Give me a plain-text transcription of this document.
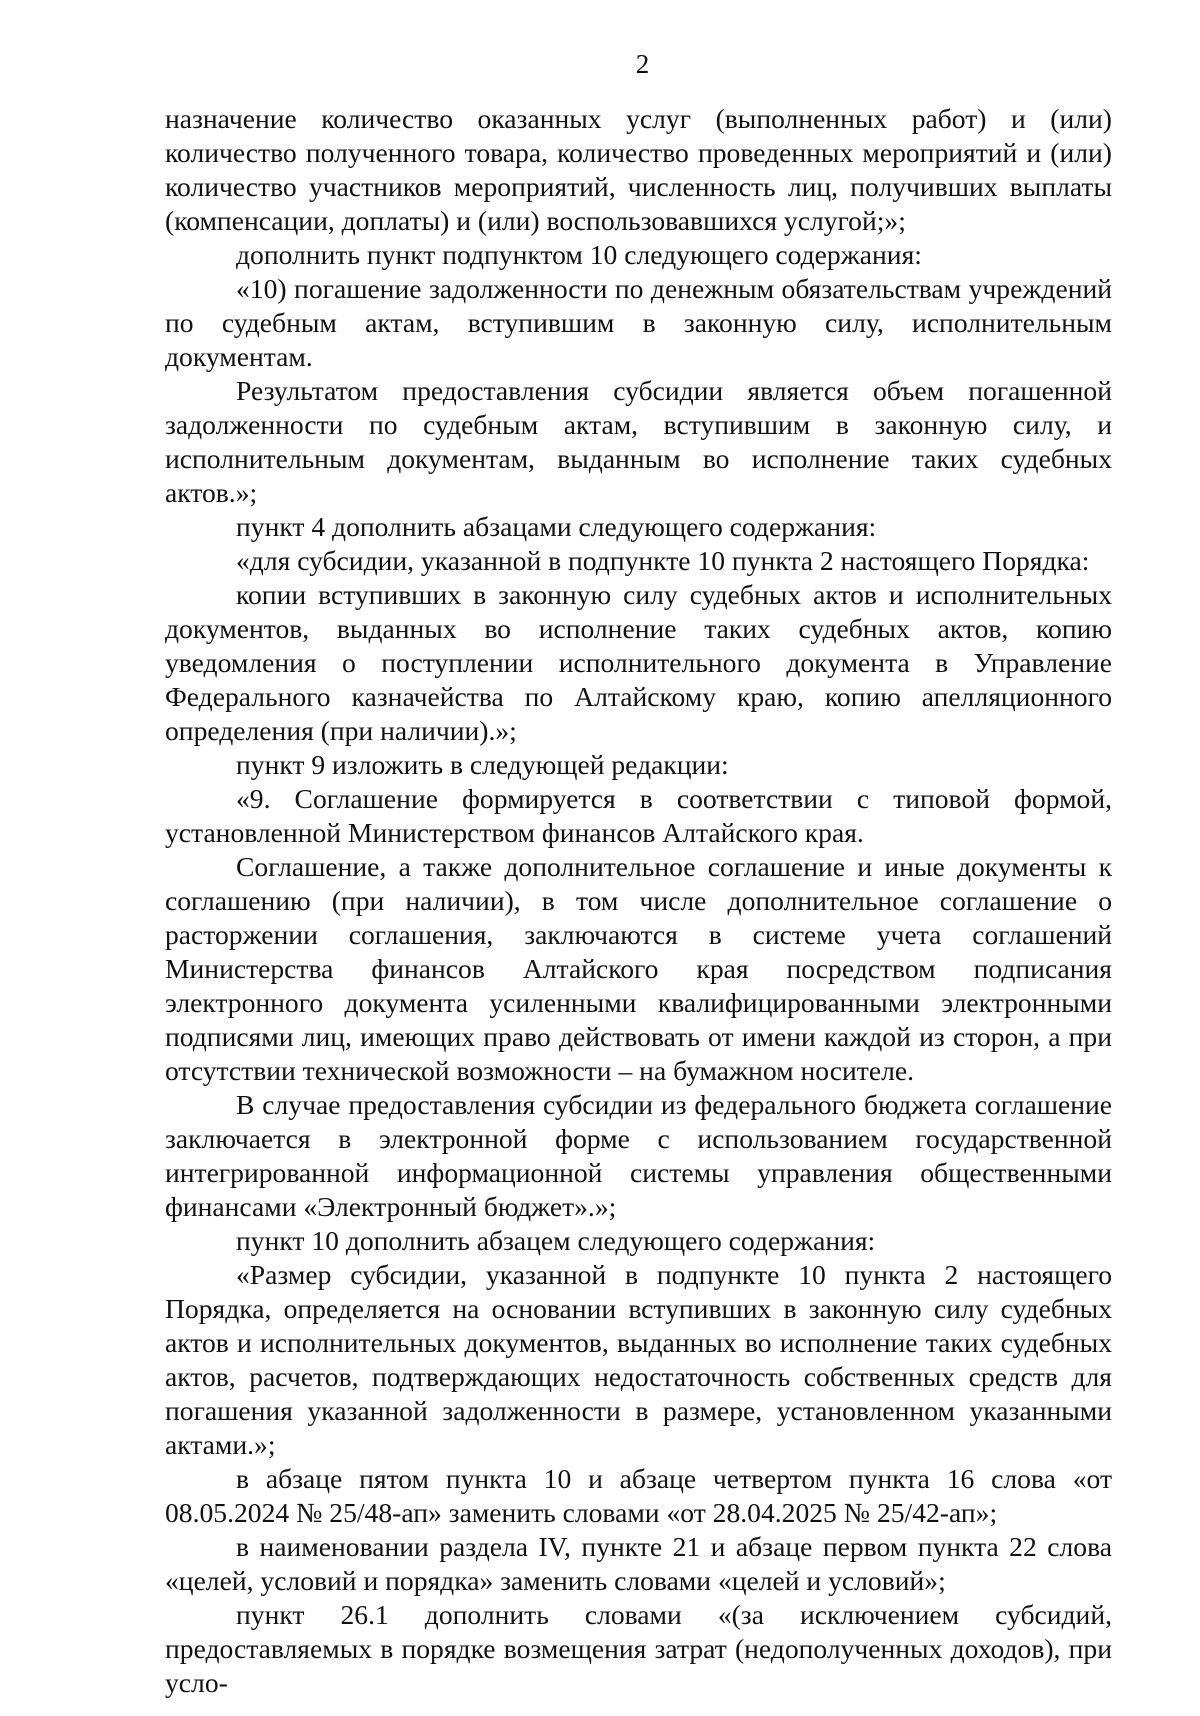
2

назначение количество оказанных услуг (выполненных работ) и (или) количество полученного товара, количество проведенных мероприятий и (или) количество участников мероприятий, численность лиц, получивших выплаты (компенсации, доплаты) и (или) воспользовавшихся услугой;»;

дополнить пункт подпунктом 10 следующего содержания:

«10) погашение задолженности по денежным обязательствам учреждений по судебным актам, вступившим в законную силу, исполнительным документам.

Результатом предоставления субсидии является объем погашенной задолженности по судебным актам, вступившим в законную силу, и исполнительным документам, выданным во исполнение таких судебных актов.»;

пункт 4 дополнить абзацами следующего содержания:

«для субсидии, указанной в подпункте 10 пункта 2 настоящего Порядка:

копии вступивших в законную силу судебных актов и исполнительных документов, выданных во исполнение таких судебных актов, копию уведомления о поступлении исполнительного документа в Управление Федерального казначейства по Алтайскому краю, копию апелляционного определения (при наличии).»;

пункт 9 изложить в следующей редакции:

«9. Соглашение формируется в соответствии с типовой формой, установленной Министерством финансов Алтайского края.

Соглашение, а также дополнительное соглашение и иные документы к соглашению (при наличии), в том числе дополнительное соглашение о расторжении соглашения, заключаются в системе учета соглашений Министерства финансов Алтайского края посредством подписания электронного документа усиленными квалифицированными электронными подписями лиц, имеющих право действовать от имени каждой из сторон, а при отсутствии технической возможности – на бумажном носителе.

В случае предоставления субсидии из федерального бюджета соглашение заключается в электронной форме с использованием государственной интегрированной информационной системы управления общественными финансами «Электронный бюджет».»;

пункт 10 дополнить абзацем следующего содержания:

«Размер субсидии, указанной в подпункте 10 пункта 2 настоящего Порядка, определяется на основании вступивших в законную силу судебных актов и исполнительных документов, выданных во исполнение таких судебных актов, расчетов, подтверждающих недостаточность собственных средств для погашения указанной задолженности в размере, установленном указанными актами.»;

в абзаце пятом пункта 10 и абзаце четвертом пункта 16 слова «от 08.05.2024 № 25/48-ап» заменить словами «от 28.04.2025 № 25/42-ап»;

в наименовании раздела IV, пункте 21 и абзаце первом пункта 22 слова «целей, условий и порядка» заменить словами «целей и условий»;

пункт 26.1 дополнить словами «(за исключением субсидий, предоставляемых в порядке возмещения затрат (недополученных доходов), при усло-
